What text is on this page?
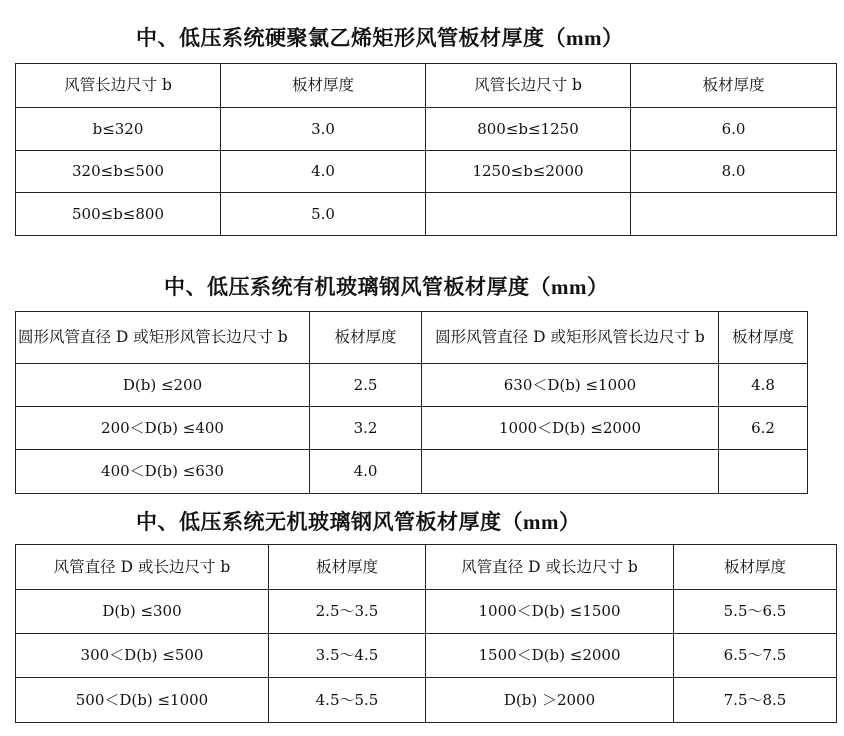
中、低压系统硬聚氯乙烯矩形风管板材厚度（mm）
风管长边尺寸 b	板材厚度	风管长边尺寸 b	板材厚度
b≤320	3.0	800≤b≤1250	6.0
320≤b≤500	4.0	1250≤b≤2000	8.0
500≤b≤800	5.0		
中、低压系统有机玻璃钢风管板材厚度（mm）
圆形风管直径 D 或矩形风管长边尺寸 b	板材厚度	圆形风管直径 D 或矩形风管长边尺寸 b	板材厚度
D(b) ≤200	2.5	630＜D(b) ≤1000	4.8
200＜D(b) ≤400	3.2	1000＜D(b) ≤2000	6.2
400＜D(b) ≤630	4.0		
中、低压系统无机玻璃钢风管板材厚度（mm）
风管直径 D 或长边尺寸 b	板材厚度	风管直径 D 或长边尺寸 b	板材厚度
D(b) ≤300	2.5～3.5	1000＜D(b) ≤1500	5.5～6.5
300＜D(b) ≤500	3.5～4.5	1500＜D(b) ≤2000	6.5～7.5
500＜D(b) ≤1000	4.5～5.5	D(b) ＞2000	7.5～8.5
